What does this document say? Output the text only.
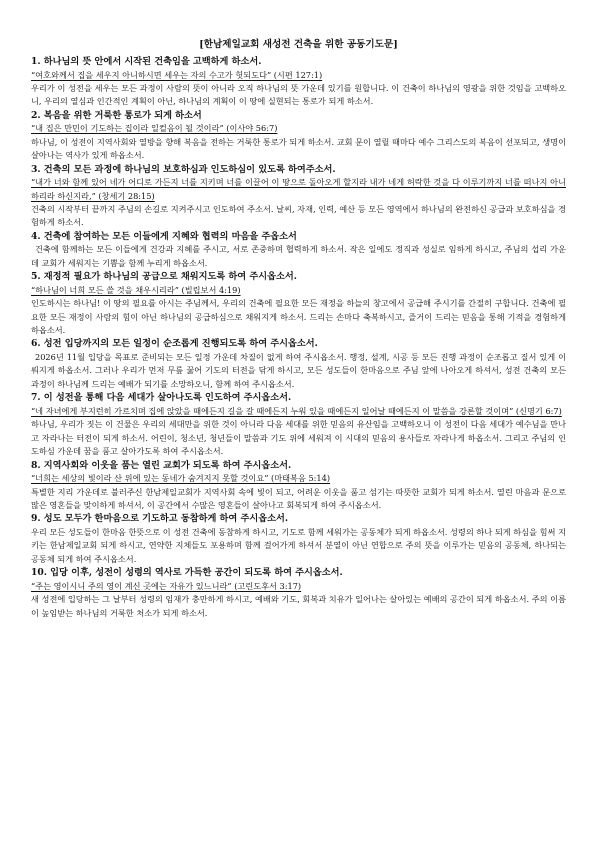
[한남제일교회 새성전 건축을 위한 공동기도문]
1. 하나님의 뜻 안에서 시작된 건축임을 고백하게 하소서.
“여호와께서 집을 세우지 아니하시면 세우는 자의 수고가 헛되도다” (시편 127:1)
우리가 이 성전을 세우는 모든 과정이 사람의 뜻이 아니라 오직 하나님의 뜻 가운데 있기를 원합니다. 이 건축이 하나님의 영광을 위한 것임을 고백하오니, 우리의 열심과 인간적인 계획이 아닌, 하나님의 계획이 이 땅에 실현되는 통로가 되게 하소서.
2. 복음을 위한 거룩한 통로가 되게 하소서
“내 집은 만민이 기도하는 집이라 일컬음이 될 것이라” (이사야 56:7)
하나님, 이 성전이 지역사회와 열방을 향해 복음을 전하는 거룩한 통로가 되게 하소서. 교회 문이 열릴 때마다 예수 그리스도의 복음이 선포되고, 생명이 살아나는 역사가 있게 하옵소서.
3. 건축의 모든 과정에 하나님의 보호하심과 인도하심이 있도록 하여주소서.
“내가 너와 함께 있어 네가 어디로 가든지 너를 지키며 너를 이끌어 이 땅으로 돌아오게 할지라 내가 네게 허락한 것을 다 이루기까지 너를 떠나지 아니하리라 하신지라,” (창세기 28:15)
건축의 시작부터 끝까지 주님의 손길로 지켜주시고 인도하여 주소서. 날씨, 자재, 인력, 예산 등 모든 영역에서 하나님의 완전하신 공급과 보호하심을 경험하게 하소서.
4. 건축에 참여하는 모든 이들에게 지혜와 협력의 마음을 주옵소서
건축에 함께하는 모든 이들에게 건강과 지혜를 주시고, 서로 존중하며 협력하게 하소서. 작은 일에도 정직과 성실로 임하게 하시고, 주님의 섭리 가운데 교회가 세워지는 기쁨을 함께 누리게 하옵소서.
5. 재정적 필요가 하나님의 공급으로 채워지도록 하여 주시옵소서.
“하나님이 너희 모든 쓸 것을 채우시리라” (빌립보서 4:19)
인도하시는 하나님! 이 땅의 필요를 아시는 주님께서, 우리의 건축에 필요한 모든 재정을 하늘의 창고에서 공급해 주시기를 간절히 구합니다. 건축에 필요한 모든 재정이 사람의 힘이 아닌 하나님의 공급하심으로 채워지게 하소서. 드리는 손마다 축복하시고, 즐거이 드리는 믿음을 통해 기적을 경험하게 하옵소서.
6. 성전 입당까지의 모든 일정이 순조롭게 진행되도록 하여 주시옵소서.
2026년 11월 입당을 목표로 준비되는 모든 일정 가운데 차질이 없게 하여 주시옵소서. 행정, 설계, 시공 등 모든 진행 과정이 순조롭고 질서 있게 이뤄지게 하옵소서. 그러나 우리가 먼저 무릎 꿇어 기도의 터전을 닦게 하시고, 모든 성도들이 한마음으로 주님 앞에 나아오게 하셔서, 성전 건축의 모든 과정이 하나님께 드리는 예배가 되기를 소망하오니, 함께 하여 주시옵소서.
7. 이 성전을 통해 다음 세대가 살아나도록 인도하여 주시옵소서.
“네 자녀에게 부지런히 가르치며 집에 앉았을 때에든지 길을 갈 때에든지 누워 있을 때에든지 일어날 때에든지 이 말씀을 강론할 것이며” (신명기 6:7)
하나님, 우리가 짓는 이 건물은 우리의 세대만을 위한 것이 아니라 다음 세대를 위한 믿음의 유산임을 고백하오니 이 성전이 다음 세대가 예수님을 만나고 자라나는 터전이 되게 하소서. 어린이, 청소년, 청년들이 말씀과 기도 위에 세워져 이 시대의 믿음의 용사들로 자라나게 하옵소서. 그리고 주님의 인도하심 가운데 꿈을 품고 살아가도록 하여 주시옵소서.
8. 지역사회와 이웃을 품는 열린 교회가 되도록 하여 주시옵소서.
“너희는 세상의 빛이라 산 위에 있는 동네가 숨겨지지 못할 것이요” (마태복음 5:14)
특별한 지리 가운데로 불러주신 한남제일교회가 지역사회 속에 빛이 되고, 어려운 이웃을 품고 섬기는 따뜻한 교회가 되게 하소서. 열린 마음과 문으로 많은 영혼들을 맞이하게 하셔서, 이 공간에서 수많은 영혼들이 살아나고 회복되게 하여 주시옵소서.
9. 성도 모두가 한마음으로 기도하고 동참하게 하여 주시옵소서.
우리 모든 성도들이 한마음 한뜻으로 이 성전 건축에 동참하게 하시고, 기도로 함께 세워가는 공동체가 되게 하옵소서. 성령의 하나 되게 하심을 힘써 지키는 한남제일교회 되게 하시고, 연약한 지체들도 포용하며 함께 걸어가게 하셔서 분열이 아닌 연합으로 주의 뜻을 이루가는 믿음의 공동체, 하나되는 공동체 되게 하여 주시옵소서.
10. 입당 이후, 성전이 성령의 역사로 가득한 공간이 되도록 하여 주시옵소서.
“주는 영이시니 주의 영이 계신 곳에는 자유가 있느니라” (고린도후서 3:17)
새 성전에 입당하는 그 날부터 성령의 임재가 충만하게 하시고, 예배와 기도, 회복과 치유가 일어나는 살아있는 예배의 공간이 되게 하옵소서. 주의 이름이 높임받는 하나님의 거룩한 처소가 되게 하소서.
